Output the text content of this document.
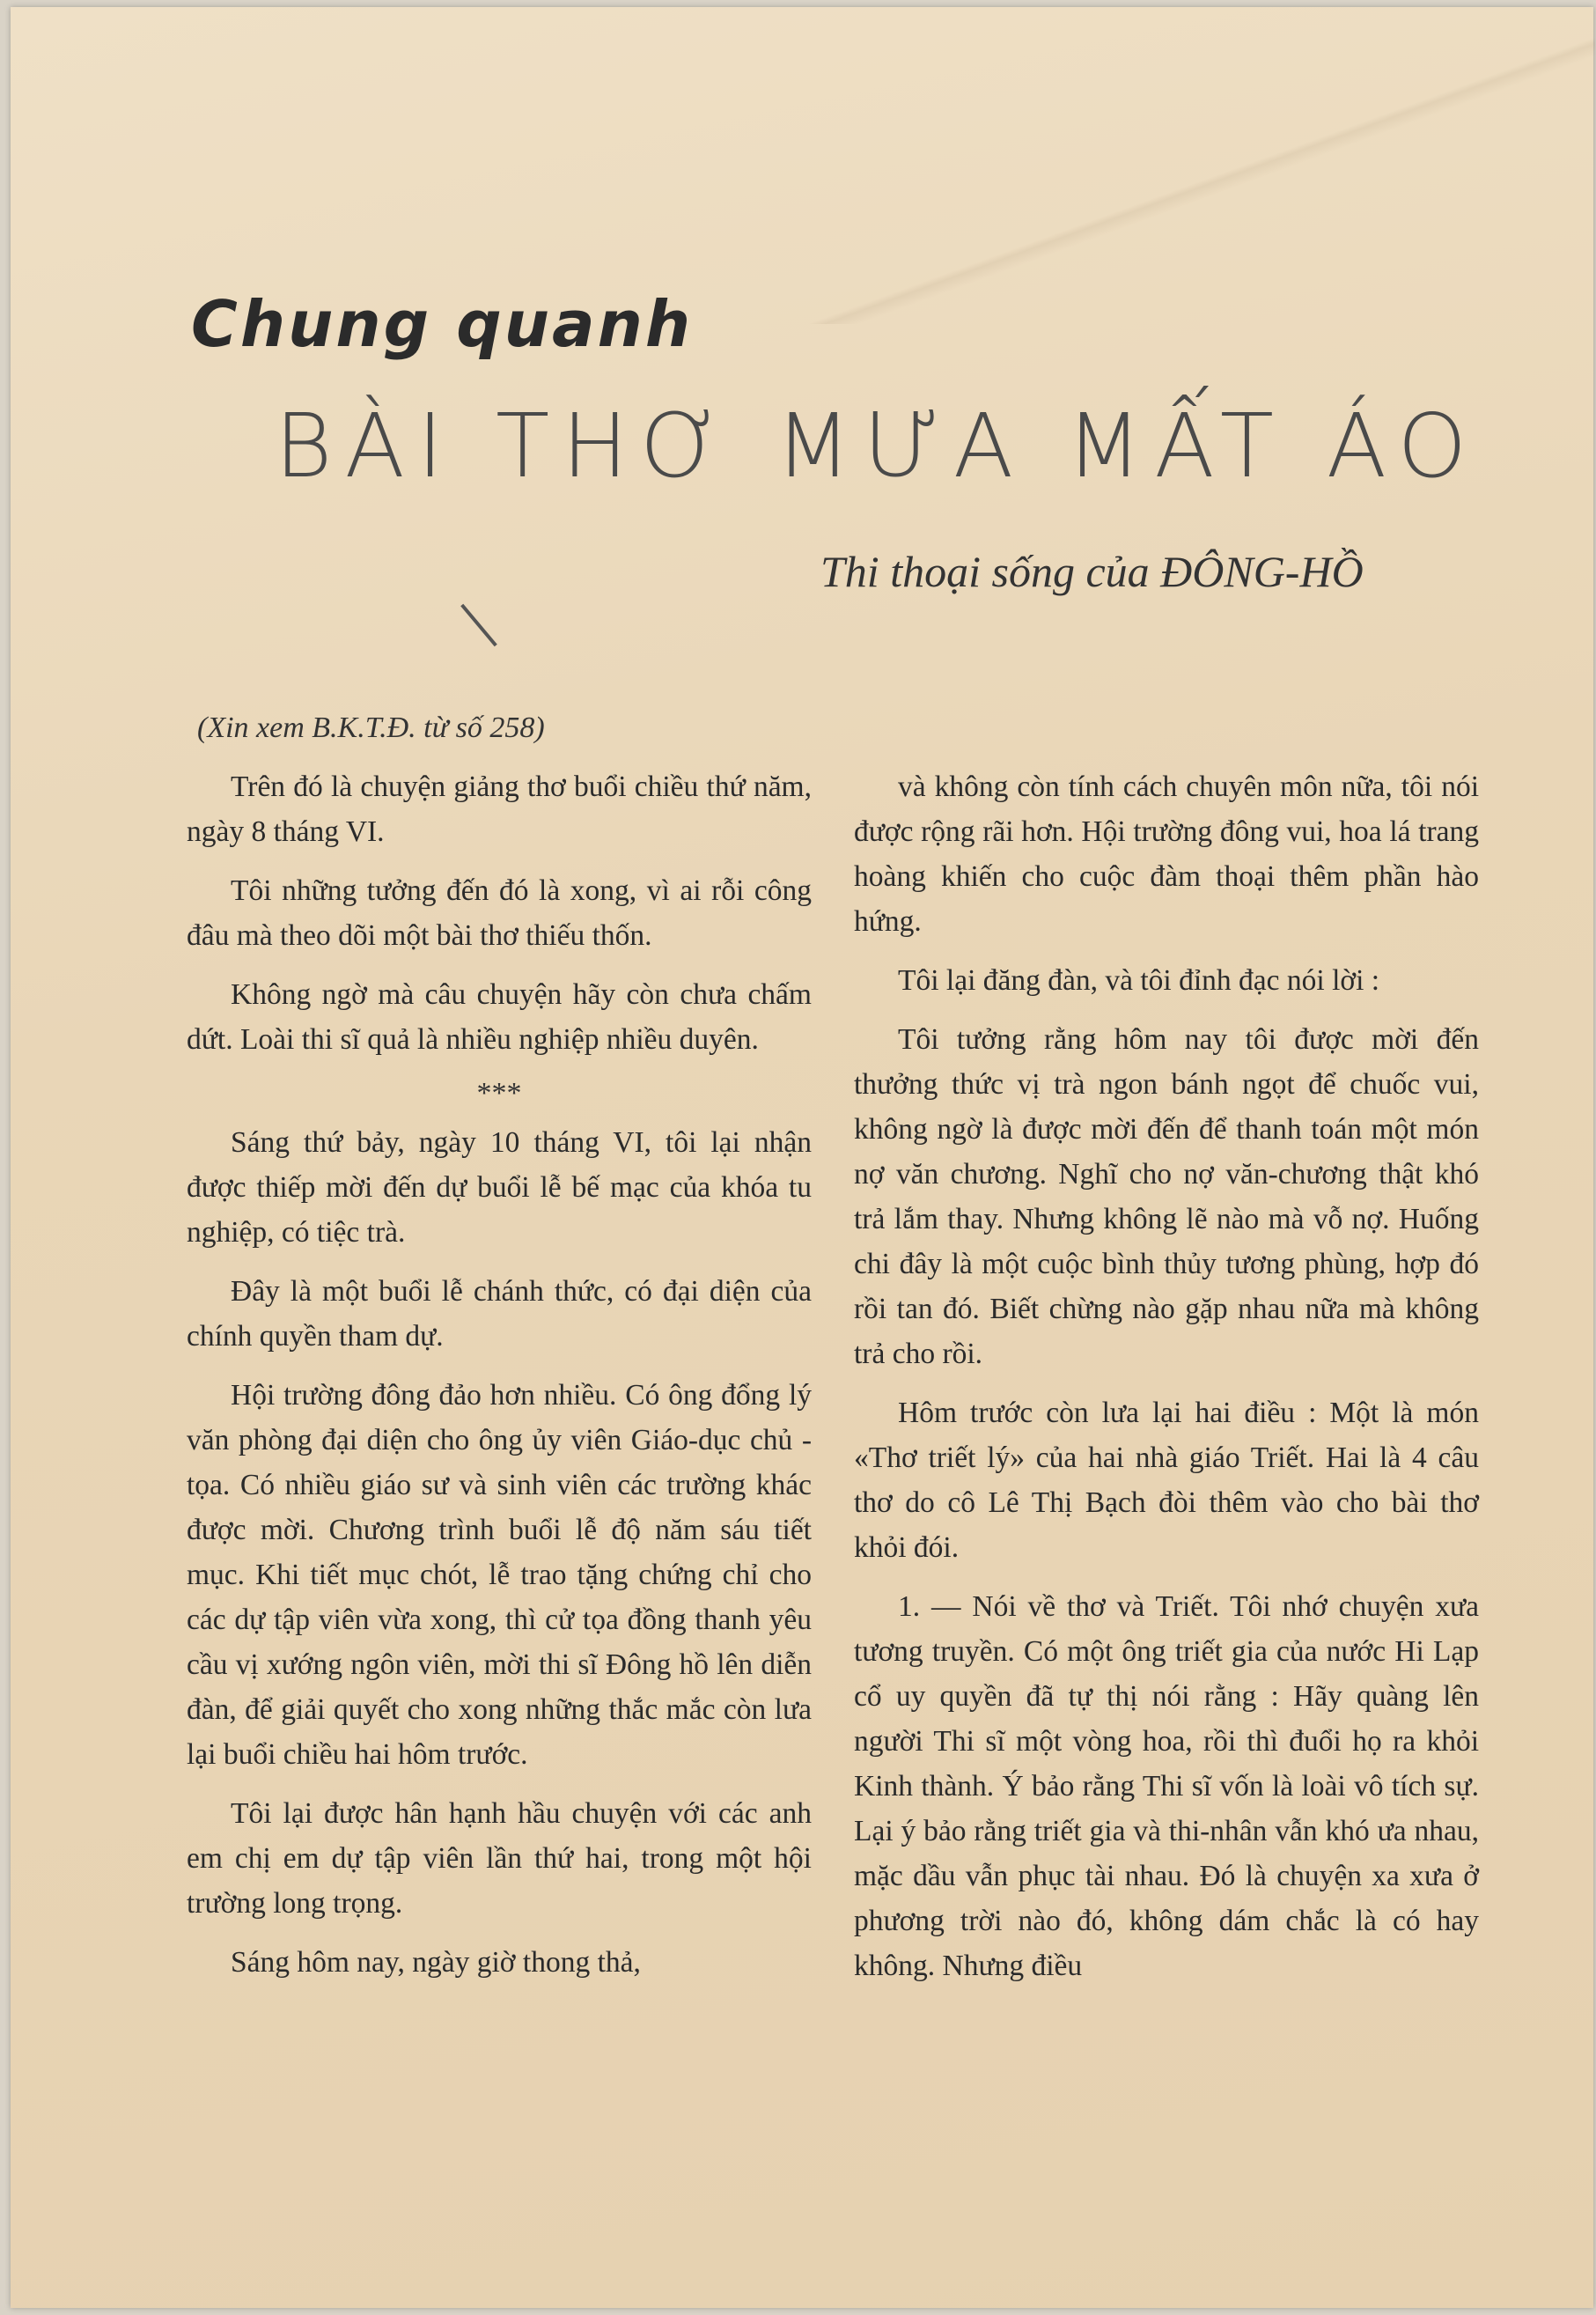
Chung quanh
BÀI THƠ MƯA MẤT ÁO
Thi thoại sống của ĐÔNG-HỒ
(Xin xem B.K.T.Đ. từ số 258)

Trên đó là chuyện giảng thơ buổi chiều thứ năm, ngày 8 tháng VI.

Tôi những tưởng đến đó là xong, vì ai rỗi công đâu mà theo dõi một bài thơ thiếu thốn.

Không ngờ mà câu chuyện hãy còn chưa chấm dứt. Loài thi sĩ quả là nhiều nghiệp nhiều duyên.

***

Sáng thứ bảy, ngày 10 tháng VI, tôi lại nhận được thiếp mời đến dự buổi lễ bế mạc của khóa tu nghiệp, có tiệc trà.

Đây là một buổi lễ chánh thức, có đại diện của chính quyền tham dự.

Hội trường đông đảo hơn nhiều. Có ông đổng lý văn phòng đại diện cho ông ủy viên Giáo-dục chủ - tọa. Có nhiều giáo sư và sinh viên các trường khác được mời. Chương trình buổi lễ độ năm sáu tiết mục. Khi tiết mục chót, lễ trao tặng chứng chỉ cho các dự tập viên vừa xong, thì cử tọa đồng thanh yêu cầu vị xướng ngôn viên, mời thi sĩ Đông hồ lên diễn đàn, để giải quyết cho xong những thắc mắc còn lưa lại buổi chiều hai hôm trước.

Tôi lại được hân hạnh hầu chuyện với các anh em chị em dự tập viên lần thứ hai, trong một hội trường long trọng.

Sáng hôm nay, ngày giờ thong thả,

và không còn tính cách chuyên môn nữa, tôi nói được rộng rãi hơn. Hội trường đông vui, hoa lá trang hoàng khiến cho cuộc đàm thoại thêm phần hào hứng.

Tôi lại đăng đàn, và tôi đỉnh đạc nói lời :

Tôi tưởng rằng hôm nay tôi được mời đến thưởng thức vị trà ngon bánh ngọt để chuốc vui, không ngờ là được mời đến để thanh toán một món nợ văn chương. Nghĩ cho nợ văn-chương thật khó trả lắm thay. Nhưng không lẽ nào mà vỗ nợ. Huống chi đây là một cuộc bình thủy tương phùng, hợp đó rồi tan đó. Biết chừng nào gặp nhau nữa mà không trả cho rồi.

Hôm trước còn lưa lại hai điều : Một là món «Thơ triết lý» của hai nhà giáo Triết. Hai là 4 câu thơ do cô Lê Thị Bạch đòi thêm vào cho bài thơ khỏi đói.

1. — Nói về thơ và Triết. Tôi nhớ chuyện xưa tương truyền. Có một ông triết gia của nước Hi Lạp cổ uy quyền đã tự thị nói rằng : Hãy quàng lên người Thi sĩ một vòng hoa, rồi thì đuổi họ ra khỏi Kinh thành. Ý bảo rằng Thi sĩ vốn là loài vô tích sự. Lại ý bảo rằng triết gia và thi-nhân vẫn khó ưa nhau, mặc dầu vẫn phục tài nhau. Đó là chuyện xa xưa ở phương trời nào đó, không dám chắc là có hay không. Nhưng điều
